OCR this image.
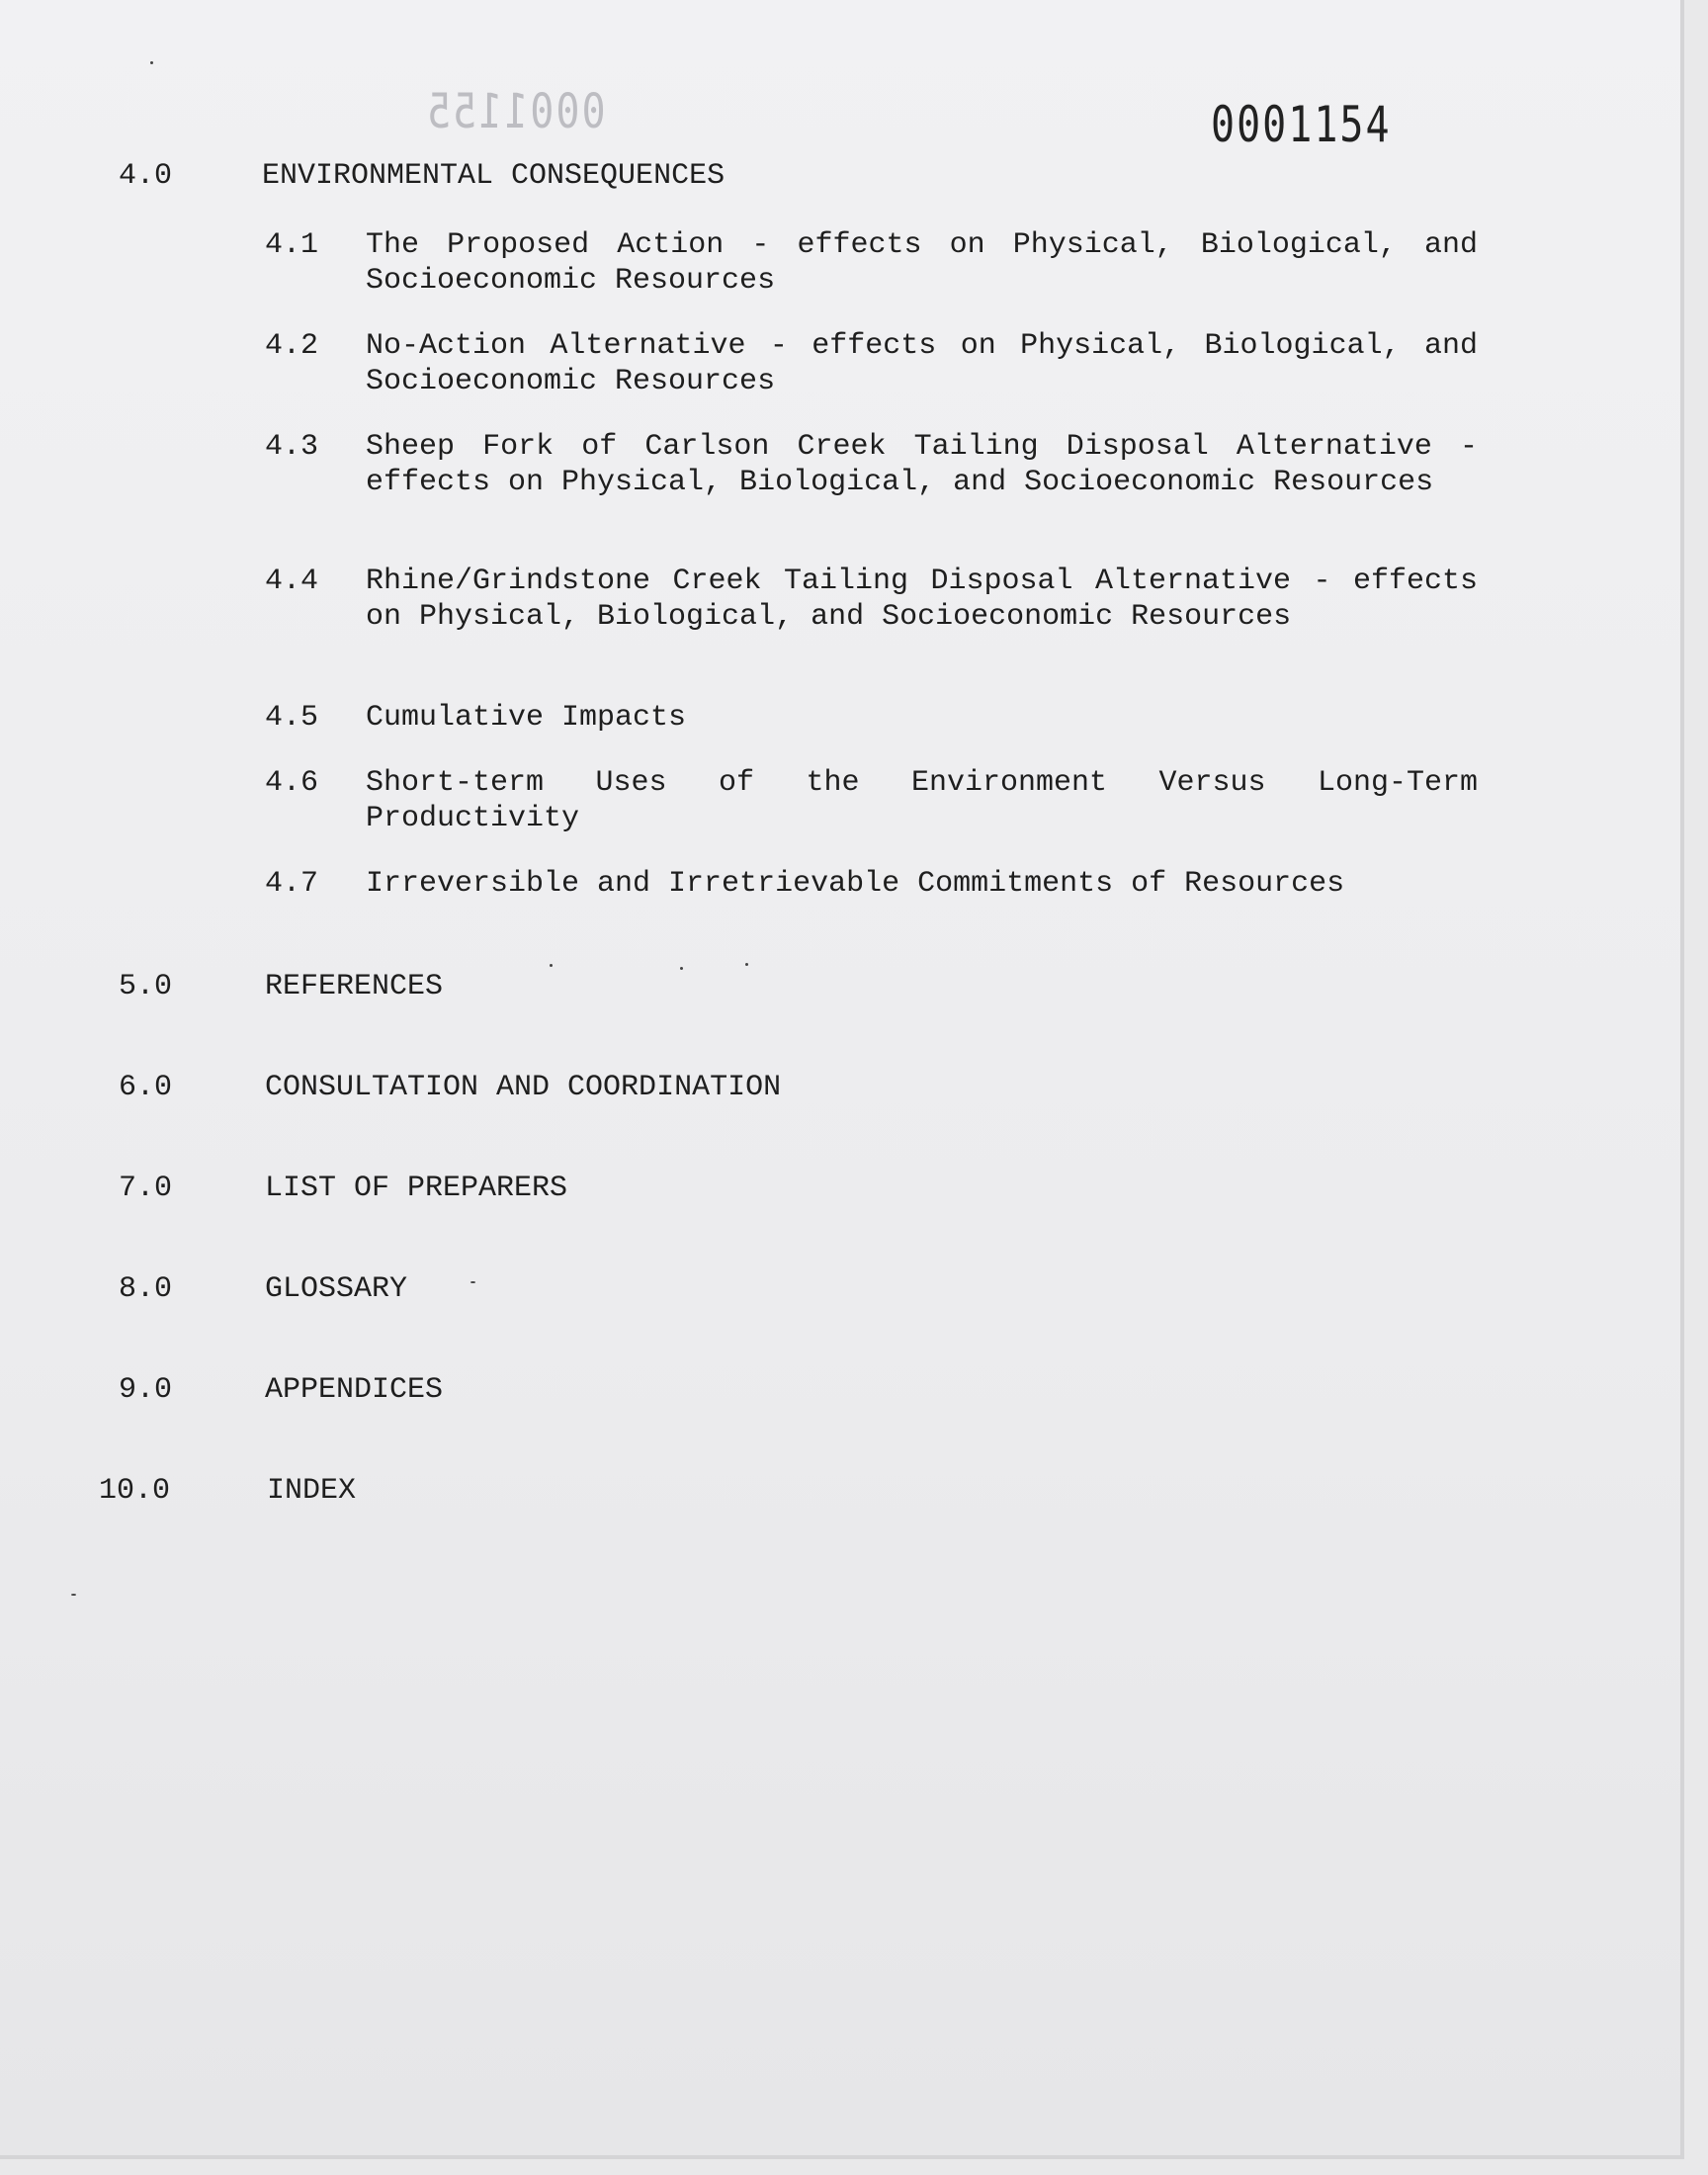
0001155	0001154
4.0	ENVIRONMENTAL CONSEQUENCES
4.1	The Proposed Action - effects on Physical, Biological, and Socioeconomic Resources
4.2	No-Action Alternative - effects on Physical, Biological, and Socioeconomic Resources
4.3	Sheep Fork of Carlson Creek Tailing Disposal Alternative - effects on Physical, Biological, and Socioeconomic Resources
4.4	Rhine/Grindstone Creek Tailing Disposal Alternative - effects on Physical, Biological, and Socioeconomic Resources
4.5	Cumulative Impacts
4.6	Short-term Uses of the Environment Versus Long-Term Productivity
4.7	Irreversible and Irretrievable Commitments of Resources
5.0	REFERENCES
6.0	CONSULTATION AND COORDINATION
7.0	LIST OF PREPARERS
8.0	GLOSSARY
9.0	APPENDICES
10.0	INDEX
